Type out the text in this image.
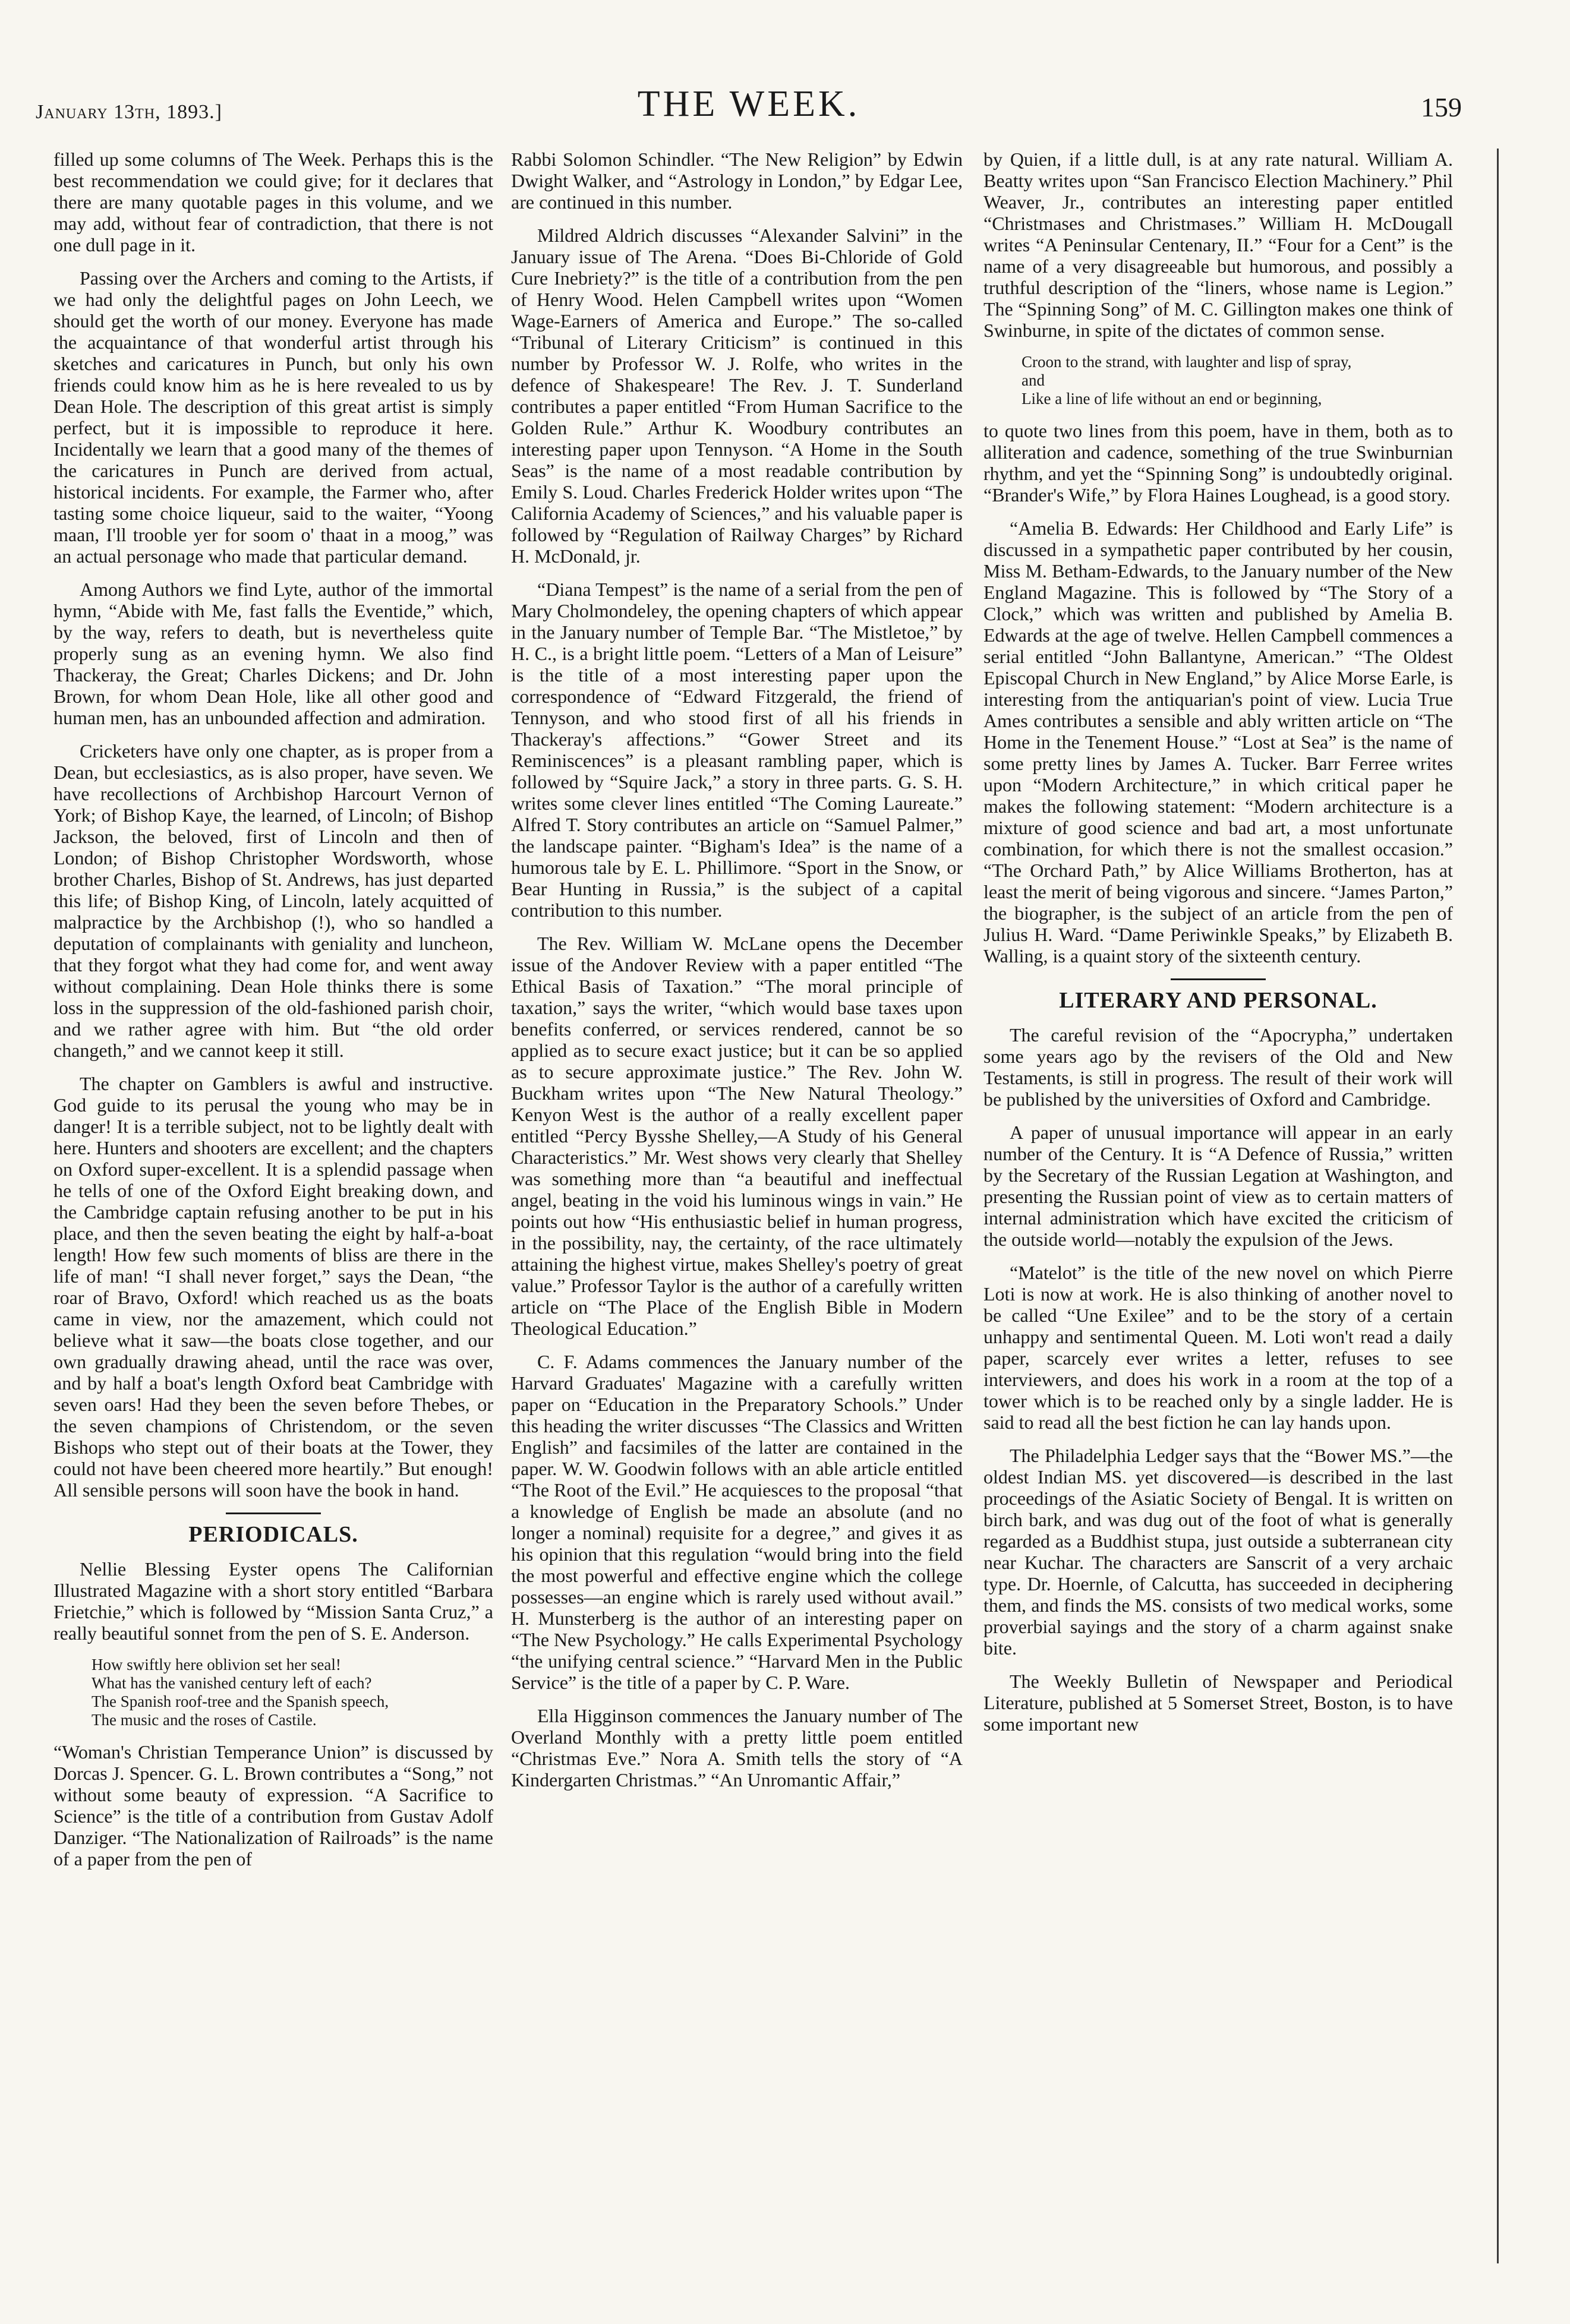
January 13th, 1893.]	THE WEEK.	159

filled up some columns of The Week. Perhaps this is the best recommendation we could give; for it declares that there are many quotable pages in this volume, and we may add, without fear of contradiction, that there is not one dull page in it.

Passing over the Archers and coming to the Artists, if we had only the delightful pages on John Leech, we should get the worth of our money. Everyone has made the acquaintance of that wonderful artist through his sketches and caricatures in Punch, but only his own friends could know him as he is here revealed to us by Dean Hole. The description of this great artist is simply perfect, but it is impossible to reproduce it here. Incidentally we learn that a good many of the themes of the caricatures in Punch are derived from actual, historical incidents. For example, the Farmer who, after tasting some choice liqueur, said to the waiter, “Yoong maan, I'll trooble yer for soom o' thaat in a moog,” was an actual personage who made that particular demand.

Among Authors we find Lyte, author of the immortal hymn, “Abide with Me, fast falls the Eventide,” which, by the way, refers to death, but is nevertheless quite properly sung as an evening hymn. We also find Thackeray, the Great; Charles Dickens; and Dr. John Brown, for whom Dean Hole, like all other good and human men, has an unbounded affection and admiration.

Cricketers have only one chapter, as is proper from a Dean, but ecclesiastics, as is also proper, have seven. We have recollections of Archbishop Harcourt Vernon of York; of Bishop Kaye, the learned, of Lincoln; of Bishop Jackson, the beloved, first of Lincoln and then of London; of Bishop Christopher Wordsworth, whose brother Charles, Bishop of St. Andrews, has just departed this life; of Bishop King, of Lincoln, lately acquitted of malpractice by the Archbishop (!), who so handled a deputation of complainants with geniality and luncheon, that they forgot what they had come for, and went away without complaining. Dean Hole thinks there is some loss in the suppression of the old-fashioned parish choir, and we rather agree with him. But “the old order changeth,” and we cannot keep it still.

The chapter on Gamblers is awful and instructive. God guide to its perusal the young who may be in danger! It is a terrible subject, not to be lightly dealt with here. Hunters and shooters are excellent; and the chapters on Oxford super-excellent. It is a splendid passage when he tells of one of the Oxford Eight breaking down, and the Cambridge captain refusing another to be put in his place, and then the seven beating the eight by half-a-boat length! How few such moments of bliss are there in the life of man! “I shall never forget,” says the Dean, “the roar of Bravo, Oxford! which reached us as the boats came in view, nor the amazement, which could not believe what it saw—the boats close together, and our own gradually drawing ahead, until the race was over, and by half a boat's length Oxford beat Cambridge with seven oars! Had they been the seven before Thebes, or the seven champions of Christendom, or the seven Bishops who stept out of their boats at the Tower, they could not have been cheered more heartily.” But enough! All sensible persons will soon have the book in hand.

PERIODICALS.

Nellie Blessing Eyster opens The Californian Illustrated Magazine with a short story entitled “Barbara Frietchie,” which is followed by “Mission Santa Cruz,” a really beautiful sonnet from the pen of S. E. Anderson.

How swiftly here oblivion set her seal!
What has the vanished century left of each?
The Spanish roof-tree and the Spanish speech,
The music and the roses of Castile.

“Woman's Christian Temperance Union” is discussed by Dorcas J. Spencer. G. L. Brown contributes a “Song,” not without some beauty of expression. “A Sacrifice to Science” is the title of a contribution from Gustav Adolf Danziger. “The Nationalization of Railroads” is the name of a paper from the pen of

Rabbi Solomon Schindler. “The New Religion” by Edwin Dwight Walker, and “Astrology in London,” by Edgar Lee, are continued in this number.

Mildred Aldrich discusses “Alexander Salvini” in the January issue of The Arena. “Does Bi-Chloride of Gold Cure Inebriety?” is the title of a contribution from the pen of Henry Wood. Helen Campbell writes upon “Women Wage-Earners of America and Europe.” The so-called “Tribunal of Literary Criticism” is continued in this number by Professor W. J. Rolfe, who writes in the defence of Shakespeare! The Rev. J. T. Sunderland contributes a paper entitled “From Human Sacrifice to the Golden Rule.” Arthur K. Woodbury contributes an interesting paper upon Tennyson. “A Home in the South Seas” is the name of a most readable contribution by Emily S. Loud. Charles Frederick Holder writes upon “The California Academy of Sciences,” and his valuable paper is followed by “Regulation of Railway Charges” by Richard H. McDonald, jr.

“Diana Tempest” is the name of a serial from the pen of Mary Cholmondeley, the opening chapters of which appear in the January number of Temple Bar. “The Mistletoe,” by H. C., is a bright little poem. “Letters of a Man of Leisure” is the title of a most interesting paper upon the correspondence of “Edward Fitzgerald, the friend of Tennyson, and who stood first of all his friends in Thackeray's affections.” “Gower Street and its Reminiscences” is a pleasant rambling paper, which is followed by “Squire Jack,” a story in three parts. G. S. H. writes some clever lines entitled “The Coming Laureate.” Alfred T. Story contributes an article on “Samuel Palmer,” the landscape painter. “Bigham's Idea” is the name of a humorous tale by E. L. Phillimore. “Sport in the Snow, or Bear Hunting in Russia,” is the subject of a capital contribution to this number.

The Rev. William W. McLane opens the December issue of the Andover Review with a paper entitled “The Ethical Basis of Taxation.” “The moral principle of taxation,” says the writer, “which would base taxes upon benefits conferred, or services rendered, cannot be so applied as to secure exact justice; but it can be so applied as to secure approximate justice.” The Rev. John W. Buckham writes upon “The New Natural Theology.” Kenyon West is the author of a really excellent paper entitled “Percy Bysshe Shelley,—A Study of his General Characteristics.” Mr. West shows very clearly that Shelley was something more than “a beautiful and ineffectual angel, beating in the void his luminous wings in vain.” He points out how “His enthusiastic belief in human progress, in the possibility, nay, the certainty, of the race ultimately attaining the highest virtue, makes Shelley's poetry of great value.” Professor Taylor is the author of a carefully written article on “The Place of the English Bible in Modern Theological Education.”

C. F. Adams commences the January number of the Harvard Graduates' Magazine with a carefully written paper on “Education in the Preparatory Schools.” Under this heading the writer discusses “The Classics and Written English” and facsimiles of the latter are contained in the paper. W. W. Goodwin follows with an able article entitled “The Root of the Evil.” He acquiesces to the proposal “that a knowledge of English be made an absolute (and no longer a nominal) requisite for a degree,” and gives it as his opinion that this regulation “would bring into the field the most powerful and effective engine which the college possesses—an engine which is rarely used without avail.” H. Munsterberg is the author of an interesting paper on “The New Psychology.” He calls Experimental Psychology “the unifying central science.” “Harvard Men in the Public Service” is the title of a paper by C. P. Ware.

Ella Higginson commences the January number of The Overland Monthly with a pretty little poem entitled “Christmas Eve.” Nora A. Smith tells the story of “A Kindergarten Christmas.” “An Unromantic Affair,”

by Quien, if a little dull, is at any rate natural. William A. Beatty writes upon “San Francisco Election Machinery.” Phil Weaver, Jr., contributes an interesting paper entitled “Christmases and Christmases.” William H. McDougall writes “A Peninsular Centenary, II.” “Four for a Cent” is the name of a very disagreeable but humorous, and possibly a truthful description of the “liners, whose name is Legion.” The “Spinning Song” of M. C. Gillington makes one think of Swinburne, in spite of the dictates of common sense.

Croon to the strand, with laughter and lisp of spray,
and
Like a line of life without an end or beginning,

to quote two lines from this poem, have in them, both as to alliteration and cadence, something of the true Swinburnian rhythm, and yet the “Spinning Song” is undoubtedly original. “Brander's Wife,” by Flora Haines Loughead, is a good story.

“Amelia B. Edwards: Her Childhood and Early Life” is discussed in a sympathetic paper contributed by her cousin, Miss M. Betham-Edwards, to the January number of the New England Magazine. This is followed by “The Story of a Clock,” which was written and published by Amelia B. Edwards at the age of twelve. Hellen Campbell commences a serial entitled “John Ballantyne, American.” “The Oldest Episcopal Church in New England,” by Alice Morse Earle, is interesting from the antiquarian's point of view. Lucia True Ames contributes a sensible and ably written article on “The Home in the Tenement House.” “Lost at Sea” is the name of some pretty lines by James A. Tucker. Barr Ferree writes upon “Modern Architecture,” in which critical paper he makes the following statement: “Modern architecture is a mixture of good science and bad art, a most unfortunate combination, for which there is not the smallest occasion.” “The Orchard Path,” by Alice Williams Brotherton, has at least the merit of being vigorous and sincere. “James Parton,” the biographer, is the subject of an article from the pen of Julius H. Ward. “Dame Periwinkle Speaks,” by Elizabeth B. Walling, is a quaint story of the sixteenth century.

LITERARY AND PERSONAL.

The careful revision of the “Apocrypha,” undertaken some years ago by the revisers of the Old and New Testaments, is still in progress. The result of their work will be published by the universities of Oxford and Cambridge.

A paper of unusual importance will appear in an early number of the Century. It is “A Defence of Russia,” written by the Secretary of the Russian Legation at Washington, and presenting the Russian point of view as to certain matters of internal administration which have excited the criticism of the outside world—notably the expulsion of the Jews.

“Matelot” is the title of the new novel on which Pierre Loti is now at work. He is also thinking of another novel to be called “Une Exilee” and to be the story of a certain unhappy and sentimental Queen. M. Loti won't read a daily paper, scarcely ever writes a letter, refuses to see interviewers, and does his work in a room at the top of a tower which is to be reached only by a single ladder. He is said to read all the best fiction he can lay hands upon.

The Philadelphia Ledger says that the “Bower MS.”—the oldest Indian MS. yet discovered—is described in the last proceedings of the Asiatic Society of Bengal. It is written on birch bark, and was dug out of the foot of what is generally regarded as a Buddhist stupa, just outside a subterranean city near Kuchar. The characters are Sanscrit of a very archaic type. Dr. Hoernle, of Calcutta, has succeeded in deciphering them, and finds the MS. consists of two medical works, some proverbial sayings and the story of a charm against snake bite.

The Weekly Bulletin of Newspaper and Periodical Literature, published at 5 Somerset Street, Boston, is to have some important new
